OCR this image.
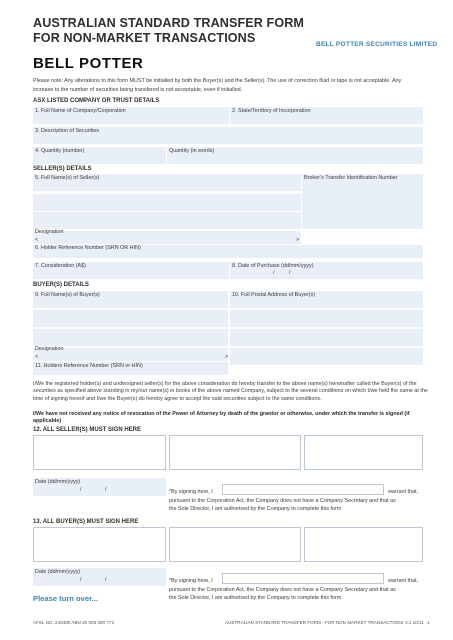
AUSTRALIAN STANDARD TRANSFER FORM
FOR NON-MARKET TRANSACTIONS	BELL POTTER SECURITIES LIMITED
BELL POTTER
Please note: Any alterations to this form MUST be initialled by both the Buyer(s) and the Seller(s). The use of correction fluid or tape is not acceptable. Any increase to the number of securities being transfered is not acceptable, even if initialled.
ASX LISTED COMPANY OR TRUST DETAILS
1. Full Name of Company/Corporation	2. State/Territory of Incorporation
3. Description of Securities
4. Quantity (number)	Quantity (in words)
SELLER(S) DETAILS
5. Full Name(s) of Seller(s)	Broker’s Transfer Identification Number
Designation
<	>
6. Holder Reference Number (SRN OR HIN)
7. Consideration (A$)	8. Date of Purchase (dd/mm/yyyy)
/	/
BUYER(S) DETAILS
9. Full Name(s) of Buyer(s)	10. Full Postal Address of Buyer(s)
Designation
<	>
11. Holders Reference Number (SRN or HIN)
I/We the registered holder(s) and undersigned seller(s) for the above consideration do hereby transfer to the above name(s) hereinafter called the Buyer(s) of the securities as specified above standing in my/our name(s) in books of the above named Company, subject to the several conditions on which I/we held the same at the time of signing hereof and I/we the Buyer(s) do hereby agree to accept the said securities subject to the same conditions.
I/We have not received any notice of revocation of the Power of Attorney by death of the grantor or otherwise, under which the transfer is signed (if applicable)
12. ALL SELLER(S) MUST SIGN HERE
Date (dd/mm/yyyy)
/	/	*By signing here, I	warrant that,
pursuant to the Corporation Act, the Company does not have a Company Secretary and that as
the Sole Director, I am authorised by the Company to complete this form
13. ALL BUYER(S) MUST SIGN HERE
Date (dd/mm/yyyy)
/	/	*By signing here, I	warrant that,
pursuant to the Corporation Act, the Company does not have a Company Secretary and that as
the Sole Director, I am authorised by the Company to complete this form
Please turn over...
AFSL NO. 243480 ABN 25 006 390 772	AUSTRALIAN STANDARD TRANSFER FORM - FOR NON MARKET TRANSACTIONS V.1 10/11 1
